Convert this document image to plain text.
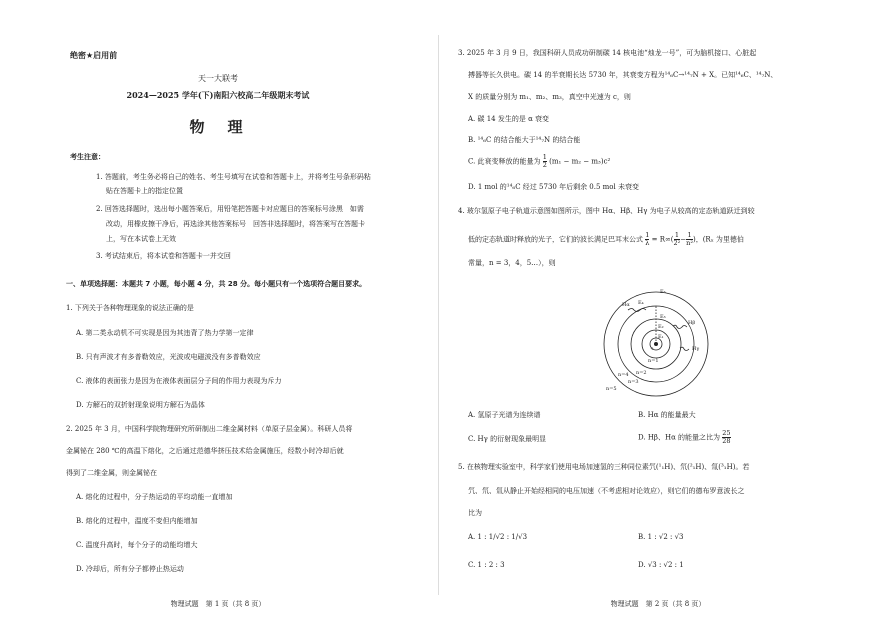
绝密★启用前
天一大联考
2024—2025 学年(下)南阳六校高二年级期末考试
物　理
考生注意：
1. 答题前，考生务必将自己的姓名、考生号填写在试卷和答题卡上，并将考生号条形码粘
贴在答题卡上的指定位置
2. 回答选择题时，选出每小题答案后，用铅笔把答题卡对应题目的答案标号涂黑　如需
改动，用橡皮擦干净后，再选涂其他答案标号　回答非选择题时，将答案写在答题卡
上，写在本试卷上无效
3. 考试结束后，将本试卷和答题卡一并交回
一、单项选择题：本题共 7 小题，每小题 4 分，共 28 分。每小题只有一个选项符合题目要求。
1. 下列关于各种物理现象的说法正确的是
A. 第二类永动机不可实现是因为其违背了热力学第一定律
B. 只有声波才有多普勒效应，光波或电磁波没有多普勒效应
C. 液体的表面张力是因为在液体表面层分子间的作用力表现为斥力
D. 方解石的双折射现象说明方解石为晶体
2. 2025 年 3 月，中国科学院物理研究所研制出二维金属材料（单原子层金属）。科研人员将
金属铋在 280 ℃的高温下熔化，之后通过范德华挤压技术给金属施压，经数小时冷却后就
得到了二维金属，则金属铋在
A. 熔化的过程中，分子热运动的平均动能一直增加
B. 熔化的过程中，温度不变但内能增加
C. 温度升高时，每个分子的动能均增大
D. 冷却后，所有分子都停止热运动
物理试题　第 1 页（共 8 页）
3. 2025 年 3 月 9 日，我国科研人员成功研制碳 14 核电池“烛龙一号”，可为脑机接口、心脏起
搏器等长久供电。碳 14 的半衰期长达 5730 年，其衰变方程为¹⁴₆C→¹⁴₇N + X。已知¹⁴₆C、¹⁴₇N、
X 的质量分别为 m₁、m₂、m₃，真空中光速为 c，则
A. 碳 14 发生的是 α 衰变
B. ¹⁴₆C 的结合能大于¹⁴₇N 的结合能
C. 此衰变释放的能量为 $\frac{1}{2} (m_1 - m_2 - m_3)c^2$
D. 1 mol 的¹⁴₆C 经过 5730 年后剩余 0.5 mol 未衰变
4. 玻尔氢原子电子轨道示意图如图所示，图中 Hα、Hβ、Hγ 为电子从较高的定态轨道跃迁到较
低的定态轨道时释放的光子，它们的波长满足巴耳末公式 $\frac{1}{\lambda} = R\infty( \frac{1}{\text{2²}} - \frac{1}{\text{n²}}$ )，(Rₓ 为里德伯
常量，n = 3，4，5…），则
+
n=1
n=2
n=3
n=4
n=5
E₁
E₂
E₃
E₄
E₅
Hα
Hβ
Hγ
A. 氢原子光谱为连续谱	B. Hα 的能量最大
C. Hγ 的衍射现象最明显	D. Hβ、Hα 的能量之比为 $\frac{25}{28}$
5. 在核物理实验室中，科学家们使用电场加速氢的三种同位素氕(¹₁H)、氘(²₁H)、氚(³₁H)。若
氕、氘、氚从静止开始经相同的电压加速（不考虑相对论效应），则它们的德布罗意波长之
比为
A. 1 : 1/√2 : 1/√3	B. 1 : √2 : √3
C. 1 : 2 : 3	D. √3 : √2 : 1
物理试题　第 2 页（共 8 页）
